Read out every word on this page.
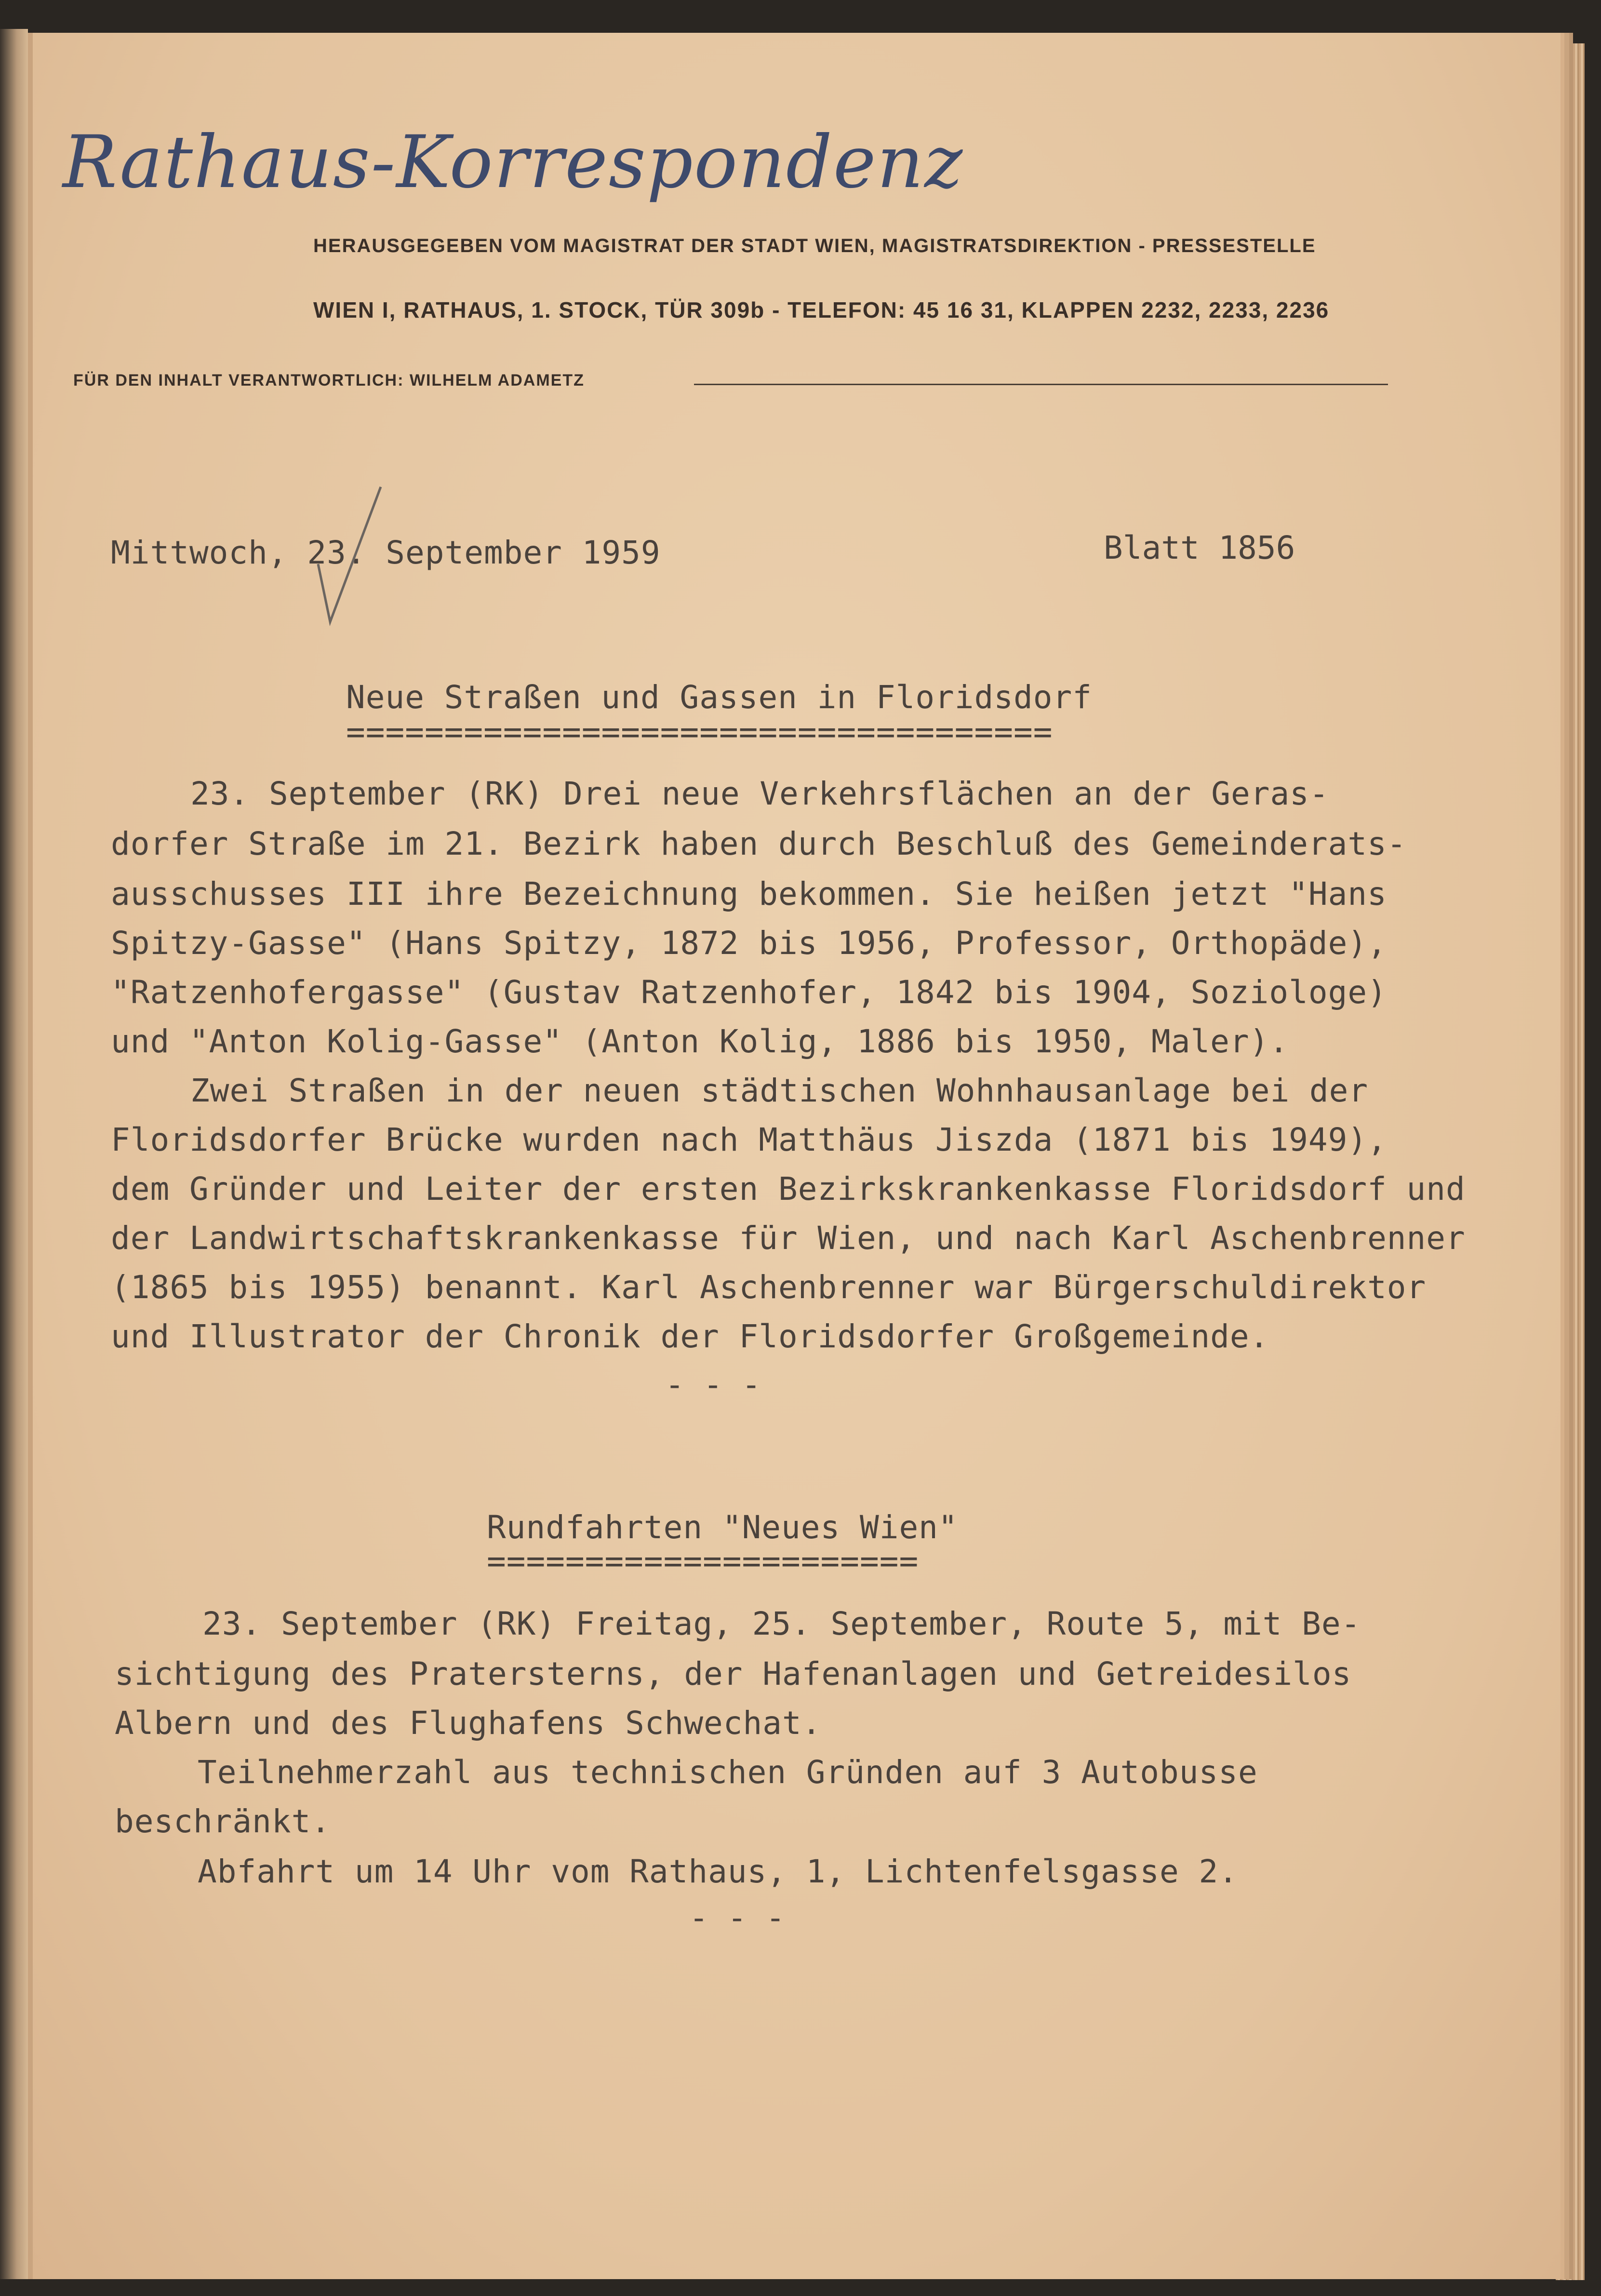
Rathaus-Korrespondenz
HERAUSGEGEBEN VOM MAGISTRAT DER STADT WIEN, MAGISTRATSDIREKTION - PRESSESTELLE
WIEN I, RATHAUS, 1. STOCK, TÜR 309b - TELEFON: 45 16 31, KLAPPEN 2232, 2233, 2236
FÜR DEN INHALT VERANTWORTLICH: WILHELM ADAMETZ
Mittwoch, 23. September 1959	Blatt 1856
Neue Straßen und Gassen in Floridsdorf
====================================
23. September (RK) Drei neue Verkehrsflächen an der Geras-
dorfer Straße im 21. Bezirk haben durch Beschluß des Gemeinderats-
ausschusses III ihre Bezeichnung bekommen. Sie heißen jetzt "Hans
Spitzy-Gasse" (Hans Spitzy, 1872 bis 1956, Professor, Orthopäde),
"Ratzenhofergasse" (Gustav Ratzenhofer, 1842 bis 1904, Soziologe)
und "Anton Kolig-Gasse" (Anton Kolig, 1886 bis 1950, Maler).
Zwei Straßen in der neuen städtischen Wohnhausanlage bei der
Floridsdorfer Brücke wurden nach Matthäus Jiszda (1871 bis 1949),
dem Gründer und Leiter der ersten Bezirkskrankenkasse Floridsdorf und
der Landwirtschaftskrankenkasse für Wien, und nach Karl Aschenbrenner
(1865 bis 1955) benannt. Karl Aschenbrenner war Bürgerschuldirektor
und Illustrator der Chronik der Floridsdorfer Großgemeinde.
- - -
Rundfahrten "Neues Wien"
======================
23. September (RK) Freitag, 25. September, Route 5, mit Be-
sichtigung des Pratersterns, der Hafenanlagen und Getreidesilos
Albern und des Flughafens Schwechat.
Teilnehmerzahl aus technischen Gründen auf 3 Autobusse
beschränkt.
Abfahrt um 14 Uhr vom Rathaus, 1, Lichtenfelsgasse 2.
- - -
